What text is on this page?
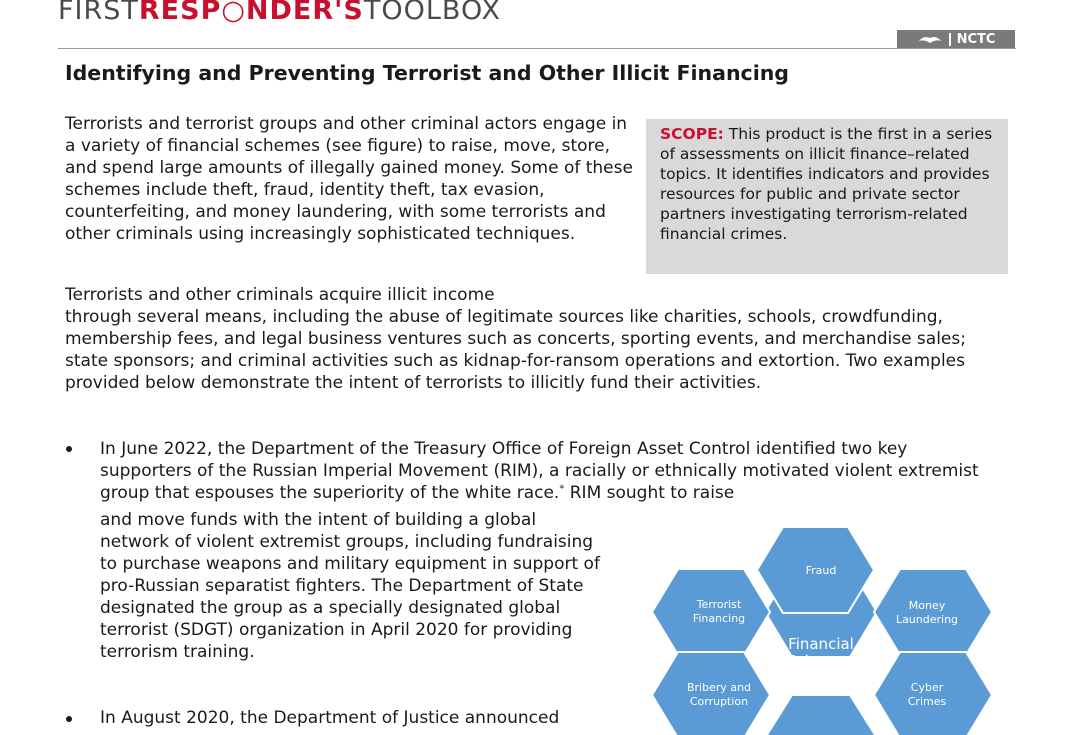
FIRSTRESP○NDER'STOOLBOX
NCTC
Identifying and Preventing Terrorist and Other Illicit Financing

Terrorists and terrorist groups and other criminal actors engage in a variety of financial schemes (see figure) to raise, move, store, and spend large amounts of illegally gained money. Some of these schemes include theft, fraud, identity theft, tax evasion, counterfeiting, and money laundering, with some terrorists and other criminals using increasingly sophisticated techniques.

SCOPE: This product is the first in a series of assessments on illicit finance–related topics. It identifies indicators and provides resources for public and private sector partners investigating terrorism-related financial crimes.
Terrorists and other criminals acquire illicit income
through several means, including the abuse of legitimate sources like charities, schools, crowdfunding, membership fees, and legal business ventures such as concerts, sporting events, and merchandise sales; state sponsors; and criminal activities such as kidnap-for-ransom operations and extortion. Two examples provided below demonstrate the intent of terrorists to illicitly fund their activities.

In June 2022, the Department of the Treasury Office of Foreign Asset Control identified two key supporters of the Russian Imperial Movement (RIM), a racially or ethnically motivated violent extremist group that espouses the superiority of the white race.* RIM sought to raise

and move funds with the intent of building a global network of violent extremist groups, including fundraising to purchase weapons and military equipment in support of pro-Russian separatist fighters. The Department of State designated the group as a specially designated global terrorist (SDGT) organization in April 2020 for providing terrorism training.

In August 2020, the Department of Justice announced

Financial
Schemes
Fraud
Terrorist
Financing
Money
Laundering
Bribery and
Corruption
Cyber
Crimes
